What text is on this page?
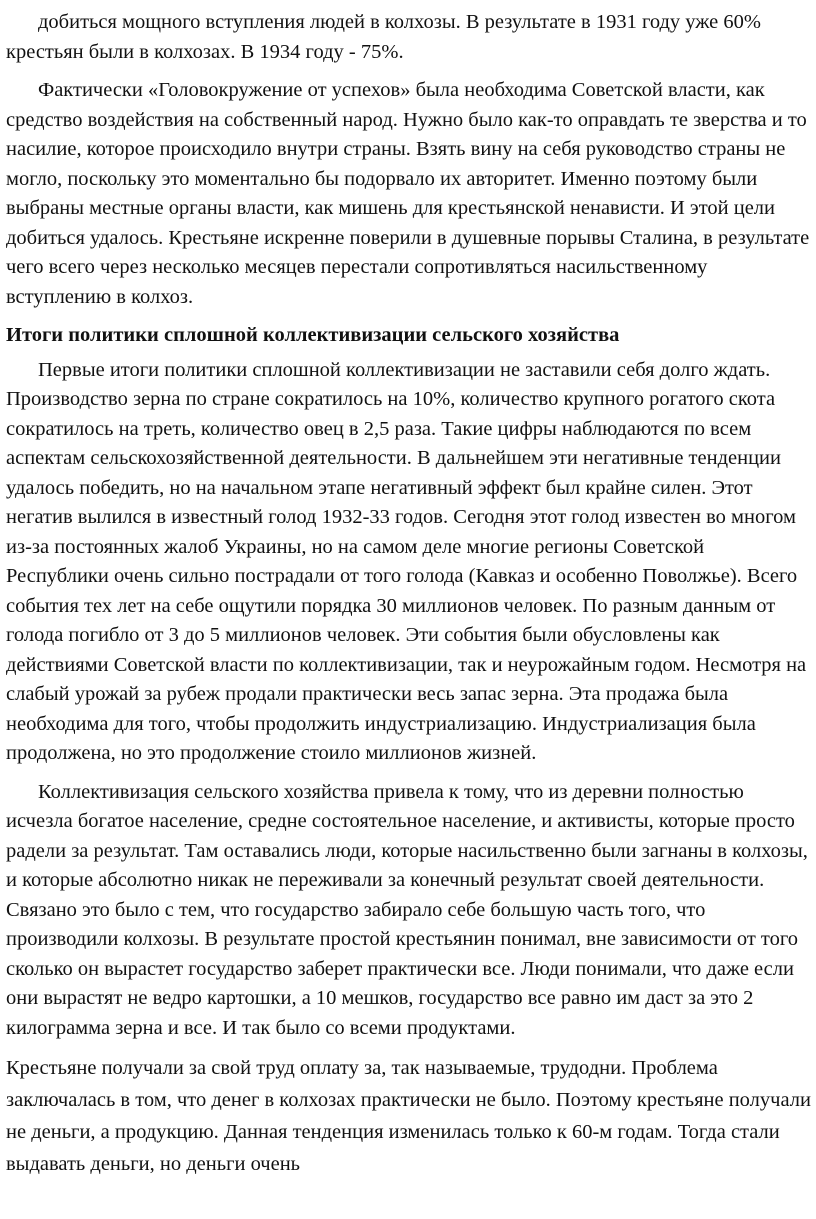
добиться мощного вступления людей в колхозы. В результате в 1931 году уже 60% крестьян были в колхозах. В 1934 году - 75%.

Фактически «Головокружение от успехов» была необходима Советской власти, как средство воздействия на собственный народ. Нужно было как-то оправдать те зверства и то насилие, которое происходило внутри страны. Взять вину на себя руководство страны не могло, поскольку это моментально бы подорвало их авторитет. Именно поэтому были выбраны местные органы власти, как мишень для крестьянской ненависти. И этой цели добиться удалось. Крестьяне искренне поверили в душевные порывы Сталина, в результате чего всего через несколько месяцев перестали сопротивляться насильственному вступлению в колхоз.

Итоги политики сплошной коллективизации сельского хозяйства

Первые итоги политики сплошной коллективизации не заставили себя долго ждать. Производство зерна по стране сократилось на 10%, количество крупного рогатого скота сократилось на треть, количество овец в 2,5 раза. Такие цифры наблюдаются по всем аспектам сельскохозяйственной деятельности. В дальнейшем эти негативные тенденции удалось победить, но на начальном этапе негативный эффект был крайне силен. Этот негатив вылился в известный голод 1932-33 годов. Сегодня этот голод известен во многом из-за постоянных жалоб Украины, но на самом деле многие регионы Советской Республики очень сильно пострадали от того голода (Кавказ и особенно Поволжье). Всего события тех лет на себе ощутили порядка 30 миллионов человек. По разным данным от голода погибло от 3 до 5 миллионов человек. Эти события были обусловлены как действиями Советской власти по коллективизации, так и неурожайным годом. Несмотря на слабый урожай за рубеж продали практически весь запас зерна. Эта продажа была необходима для того, чтобы продолжить индустриализацию. Индустриализация была продолжена, но это продолжение стоило миллионов жизней.

Коллективизация сельского хозяйства привела к тому, что из деревни полностью исчезла богатое население, средне состоятельное население, и активисты, которые просто радели за результат. Там оставались люди, которые насильственно были загнаны в колхозы, и которые абсолютно никак не переживали за конечный результат своей деятельности. Связано это было с тем, что государство забирало себе большую часть того, что производили колхозы. В результате простой крестьянин понимал, вне зависимости от того сколько он вырастет государство заберет практически все. Люди понимали, что даже если они вырастят не ведро картошки, а 10 мешков, государство все равно им даст за это 2 килограмма зерна и все. И так было со всеми продуктами.

Крестьяне получали за свой труд оплату за, так называемые, трудодни. Проблема заключалась в том, что денег в колхозах практически не было. Поэтому крестьяне получали не деньги, а продукцию. Данная тенденция изменилась только к 60-м годам. Тогда стали выдавать деньги, но деньги очень
